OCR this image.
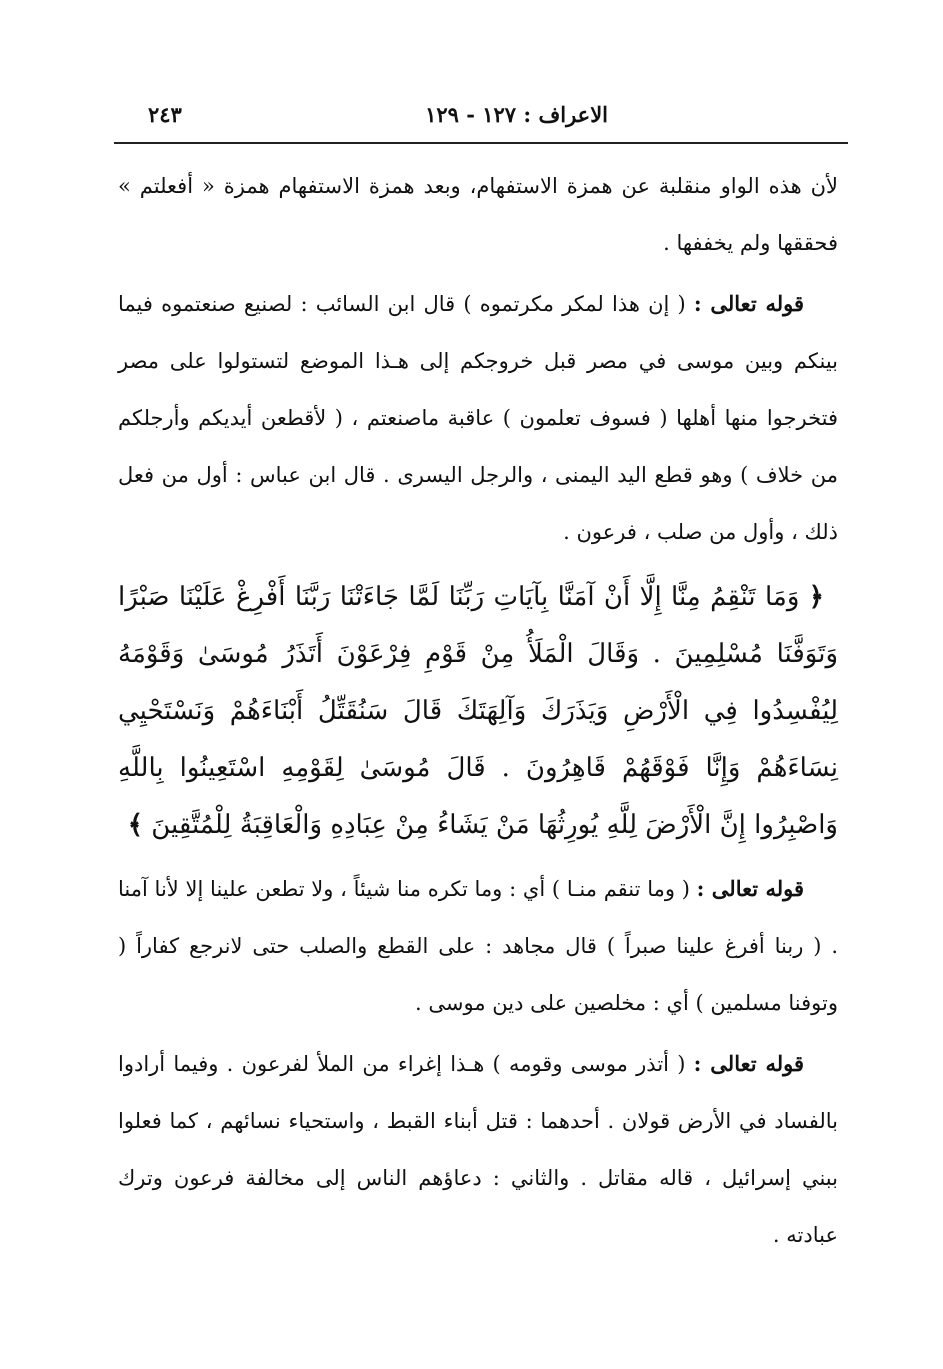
الاعراف : ١٢٧ - ١٢٩
٢٤٣

لأن هذه الواو منقلبة عن همزة الاستفهام، وبعد همزة الاستفهام همزة « أفعلتم » فحققها ولم يخففها .

قوله تعالى : ( إن هذا لمكر مكرتموه ) قال ابن السائب : لصنيع صنعتموه فيما بينكم وبين موسى في مصر قبل خروجكم إلى هـذا الموضع لتستولوا على مصر فتخرجوا منها أهلها ( فسوف تعلمون ) عاقبة ماصنعتم ، ( لأقطعن أيديكم وأرجلكم من خلاف ) وهو قطع اليد اليمنى ، والرجل اليسرى . قال ابن عباس : أول من فعل ذلك ، وأول من صلب ، فرعون .

﴿ وَمَا تَنْقِمُ مِنَّا إِلَّا أَنْ آمَنَّا بِآيَاتِ رَبِّنَا لَمَّا جَاءَتْنَا رَبَّنَا أَفْرِغْ عَلَيْنَا صَبْرًا وَتَوَفَّنَا مُسْلِمِينَ . وَقَالَ الْمَلَأُ مِنْ قَوْمِ فِرْعَوْنَ أَتَذَرُ مُوسَىٰ وَقَوْمَهُ لِيُفْسِدُوا فِي الْأَرْضِ وَيَذَرَكَ وَآلِهَتَكَ قَالَ سَنُقَتِّلُ أَبْنَاءَهُمْ وَنَسْتَحْيِي نِسَاءَهُمْ وَإِنَّا فَوْقَهُمْ قَاهِرُونَ . قَالَ مُوسَىٰ لِقَوْمِهِ اسْتَعِينُوا بِاللَّهِ وَاصْبِرُوا إِنَّ الْأَرْضَ لِلَّهِ يُورِثُهَا مَنْ يَشَاءُ مِنْ عِبَادِهِ وَالْعَاقِبَةُ لِلْمُتَّقِينَ ﴾

قوله تعالى : ( وما تنقم منـا ) أي : وما تكره منا شيئاً ، ولا تطعن علينا إلا لأنا آمنا . ( ربنا أفرغ علينا صبراً ) قال مجاهد : على القطع والصلب حتى لانرجع كفاراً ( وتوفنا مسلمين ) أي : مخلصين على دين موسى .

قوله تعالى : ( أتذر موسى وقومه ) هـذا إغراء من الملأ لفرعون . وفيما أرادوا بالفساد في الأرض قولان . أحدهما : قتل أبناء القبط ، واستحياء نسائهم ، كما فعلوا ببني إسرائيل ، قاله مقاتل . والثاني : دعاؤهم الناس إلى مخالفة فرعون وترك عبادته .
